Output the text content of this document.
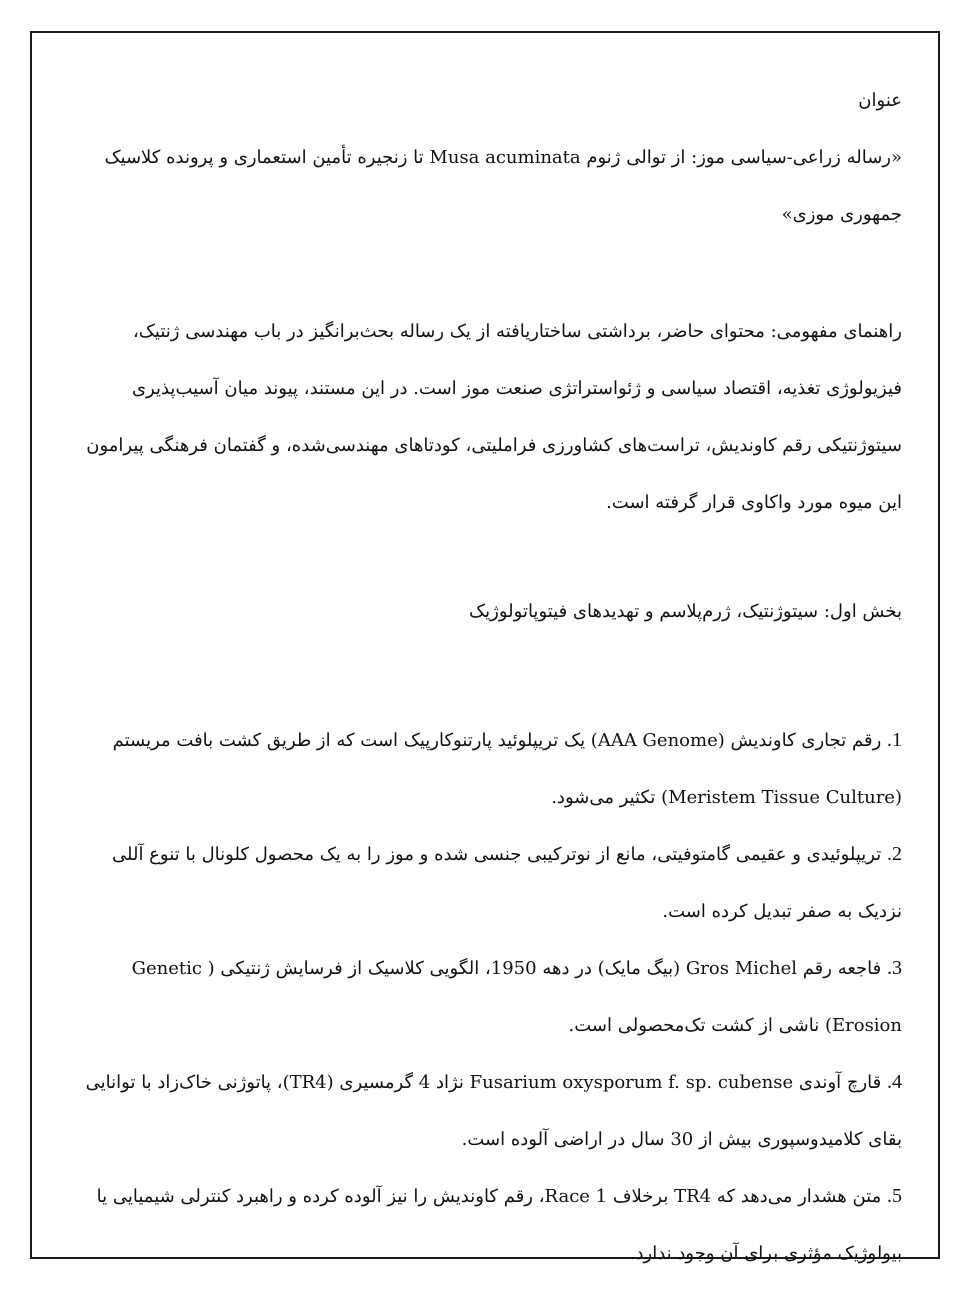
عنوان
«رساله زراعی-سیاسی موز: از توالی ژنوم Musa acuminata تا زنجیره تأمین استعماری و پرونده کلاسیک
جمهوری موزی»
راهنمای مفهومی: محتوای حاضر، برداشتی ساختاریافته از یک رساله بحث‌برانگیز در باب مهندسی ژنتیک،
فیزیولوژی تغذیه، اقتصاد سیاسی و ژئواستراتژی صنعت موز است. در این مستند، پیوند میان آسیب‌پذیری
سیتوژنتیکی رقم کاوندیش، تراست‌های کشاورزی فراملیتی، کودتاهای مهندسی‌شده، و گفتمان فرهنگی پیرامون
این میوه مورد واکاوی قرار گرفته است.
بخش اول: سیتوژنتیک، ژرم‌پلاسم و تهدیدهای فیتوپاتولوژیک
1. رقم تجاری کاوندیش (AAA Genome) یک تریپلوئید پارتنوکارپیک است که از طریق کشت بافت مریستم
(Meristem Tissue Culture) تکثیر می‌شود.
2. تریپلوئیدی و عقیمی گامتوفیتی، مانع از نوترکیبی جنسی شده و موز را به یک محصول کلونال با تنوع آللی
نزدیک به صفر تبدیل کرده است.
3. فاجعه رقم Gros Michel (بیگ مایک) در دهه 1950، الگویی کلاسیک از فرسایش ژنتیکی ( Genetic
Erosion) ناشی از کشت تک‌محصولی است.
4. قارچ آوندی Fusarium oxysporum f. sp. cubense نژاد 4 گرمسیری (TR4)، پاتوژنی خاک‌زاد با توانایی
بقای کلامیدوسپوری بیش از 30 سال در اراضی آلوده است.
5. متن هشدار می‌دهد که TR4 برخلاف Race 1، رقم کاوندیش را نیز آلوده کرده و راهبرد کنترلی شیمیایی یا
بیولوژیک مؤثری برای آن وجود ندارد.
